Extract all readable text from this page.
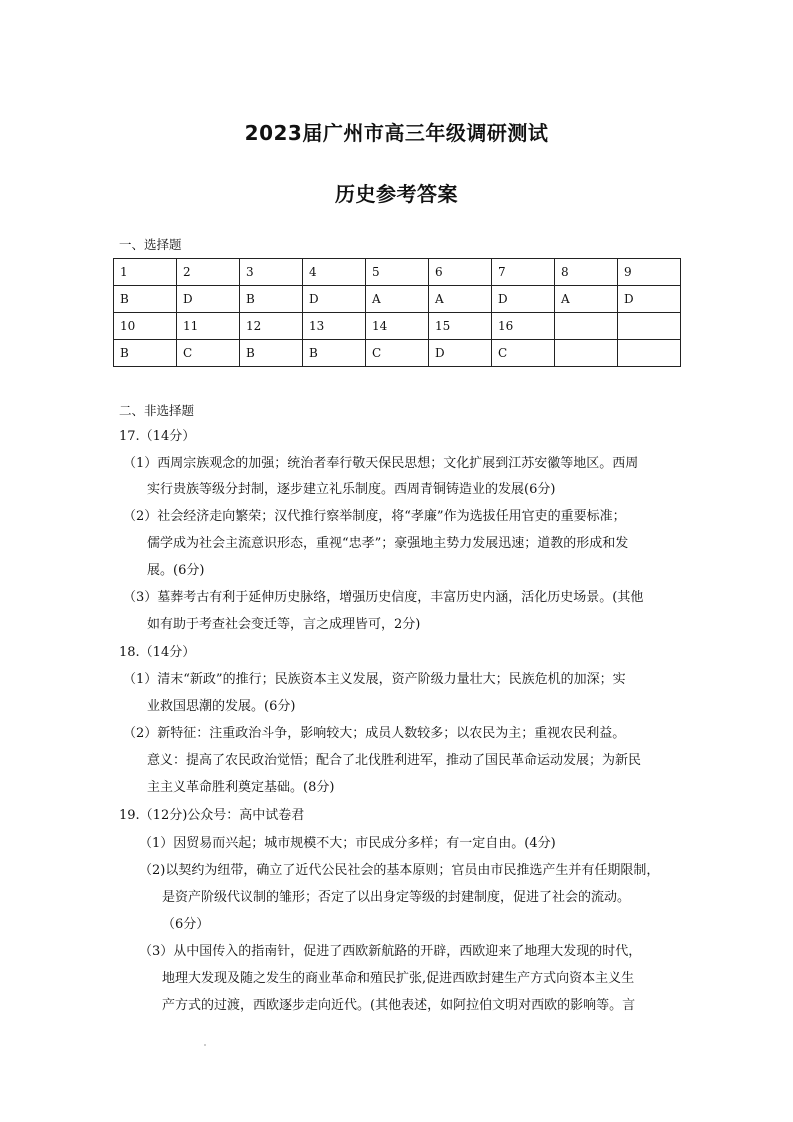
2023届广州市高三年级调研测试
历史参考答案
一、选择题
1	2	3	4	5	6	7	8	9
B	D	B	D	A	A	D	A	D
10	11	12	13	14	15	16		
B	C	B	B	C	D	C		
二、非选择题
17.（14分）
（1）西周宗族观念的加强；统治者奉行敬天保民思想；文化扩展到江苏安徽等地区。西周
实行贵族等级分封制，逐步建立礼乐制度。西周青铜铸造业的发展(6分)
（2）社会经济走向繁荣；汉代推行察举制度，将“孝廉”作为选拔任用官吏的重要标准；
儒学成为社会主流意识形态，重视“忠孝”；豪强地主势力发展迅速；道教的形成和发
展。(6分)
（3）墓葬考古有利于延伸历史脉络，增强历史信度，丰富历史内涵，活化历史场景。(其他
如有助于考查社会变迁等，言之成理皆可，2分)
18.（14分）
（1）清末“新政”的推行；民族资本主义发展，资产阶级力量壮大；民族危机的加深；实
业救国思潮的发展。(6分)
（2）新特征：注重政治斗争，影响较大；成员人数较多；以农民为主；重视农民利益。
意义：提高了农民政治觉悟；配合了北伐胜利进军，推动了国民革命运动发展；为新民
主主义革命胜利奠定基础。(8分)
19.（12分)公众号：高中试卷君
（1）因贸易而兴起；城市规模不大；市民成分多样；有一定自由。(4分)
（2)以契约为纽带，确立了近代公民社会的基本原则；官员由市民推选产生并有任期限制，
是资产阶级代议制的雏形；否定了以出身定等级的封建制度，促进了社会的流动。
（6分）
（3）从中国传入的指南针，促进了西欧新航路的开辟，西欧迎来了地理大发现的时代，
地理大发现及随之发生的商业革命和殖民扩张,促进西欧封建生产方式向资本主义生
产方式的过渡，西欧逐步走向近代。(其他表述，如阿拉伯文明对西欧的影响等。言
